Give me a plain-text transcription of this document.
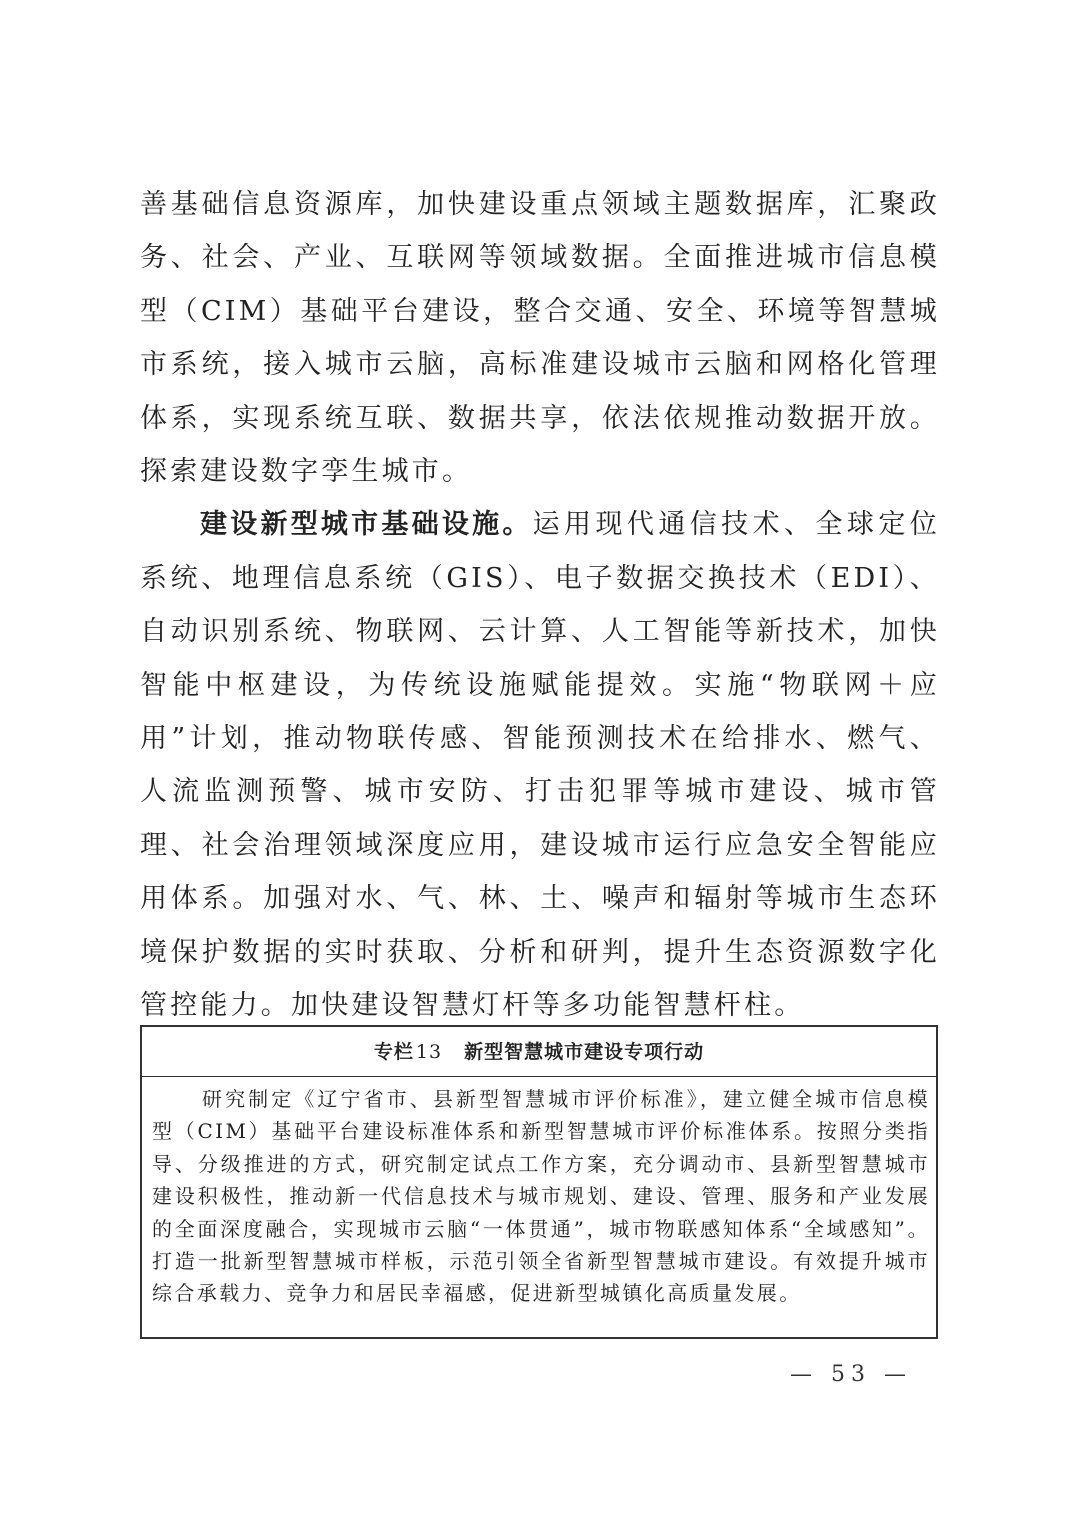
善基础信息资源库，加快建设重点领域主题数据库，汇聚政务、社会、产业、互联网等领域数据。全面推进城市信息模型（CIM）基础平台建设，整合交通、安全、环境等智慧城市系统，接入城市云脑，高标准建设城市云脑和网格化管理体系，实现系统互联、数据共享，依法依规推动数据开放。探索建设数字孪生城市。

建设新型城市基础设施。运用现代通信技术、全球定位系统、地理信息系统（GIS）、电子数据交换技术（EDI）、自动识别系统、物联网、云计算、人工智能等新技术，加快智能中枢建设，为传统设施赋能提效。实施“物联网＋应用”计划，推动物联传感、智能预测技术在给排水、燃气、人流监测预警、城市安防、打击犯罪等城市建设、城市管理、社会治理领域深度应用，建设城市运行应急安全智能应用体系。加强对水、气、林、土、噪声和辐射等城市生态环境保护数据的实时获取、分析和研判，提升生态资源数字化管控能力。加快建设智慧灯杆等多功能智慧杆柱。

专栏 13 新型智慧城市建设专项行动
研究制定《辽宁省市、县新型智慧城市评价标准》，建立健全城市信息模型（CIM）基础平台建设标准体系和新型智慧城市评价标准体系。按照分类指导、分级推进的方式，研究制定试点工作方案，充分调动市、县新型智慧城市建设积极性，推动新一代信息技术与城市规划、建设、管理、服务和产业发展的全面深度融合，实现城市云脑“一体贯通”，城市物联感知体系“全域感知”。打造一批新型智慧城市样板，示范引领全省新型智慧城市建设。有效提升城市综合承载力、竞争力和居民幸福感，促进新型城镇化高质量发展。
— 53 —
